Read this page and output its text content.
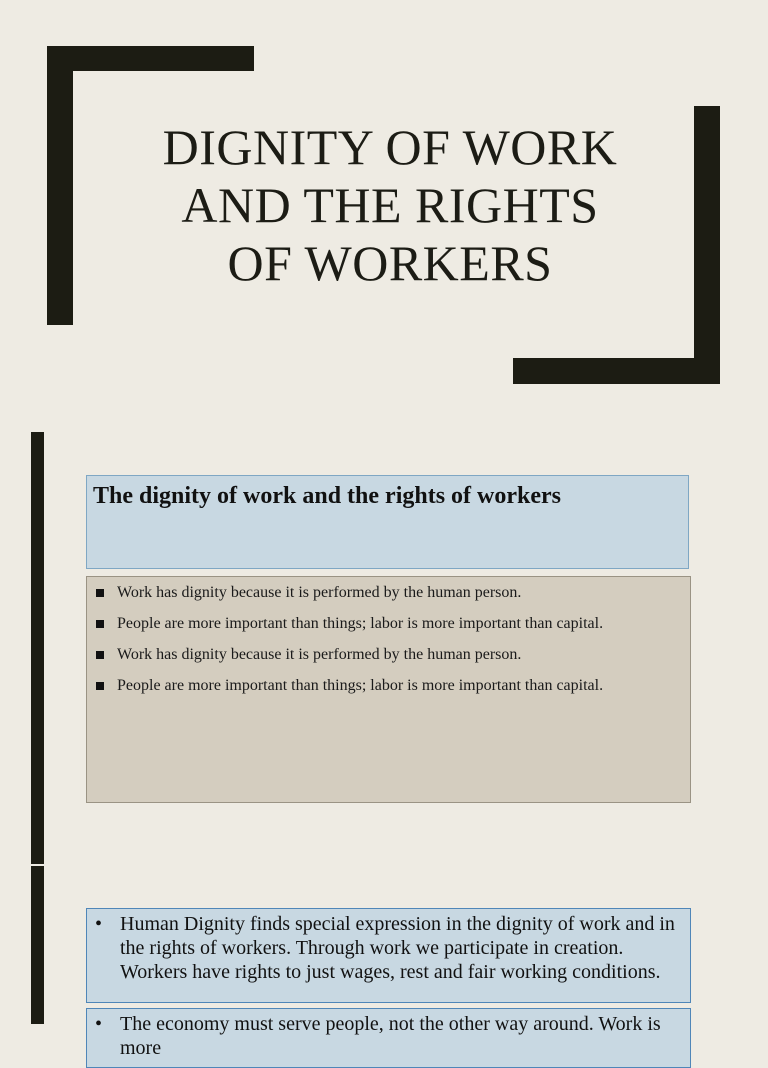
DIGNITY OF WORK
AND THE RIGHTS
OF WORKERS
The dignity of work and the rights of workers
Work has dignity because it is performed by the human person.
People are more important than things; labor is more important than capital.
Work has dignity because it is performed by the human person.
People are more important than things; labor is more important than capital.

• Human Dignity finds special expression in the dignity of work and in the rights of workers. Through work we participate in creation. Workers have rights to just wages, rest and fair working conditions.

• The economy must serve people, not the other way around. Work is more
